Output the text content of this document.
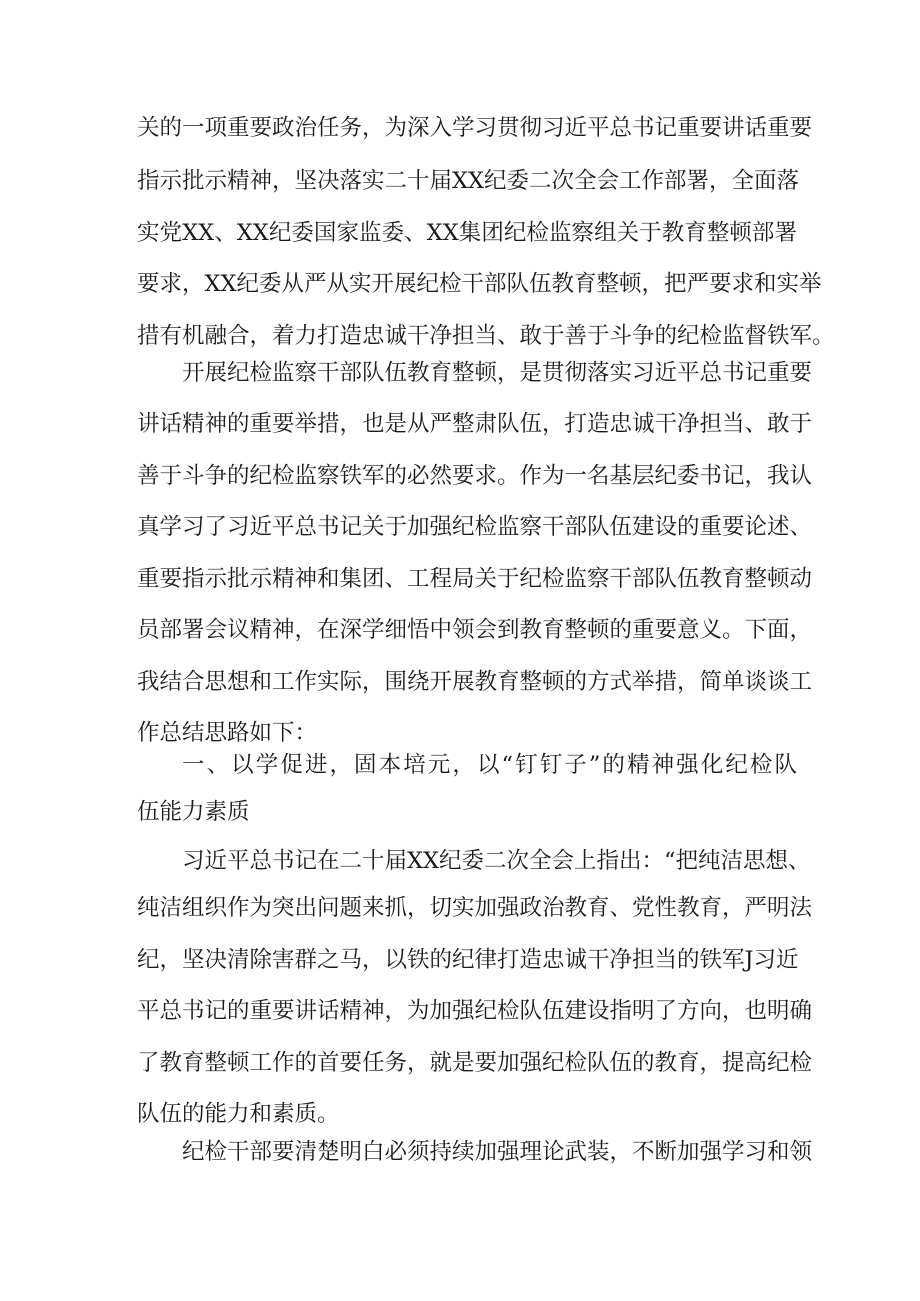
关的一项重要政治任务，为深入学习贯彻习近平总书记重要讲话重要
指示批示精神，坚决落实二十届XX纪委二次全会工作部署，全面落
实党XX、XX纪委国家监委、XX集团纪检监察组关于教育整顿部署
要求，XX纪委从严从实开展纪检干部队伍教育整顿，把严要求和实举
措有机融合，着力打造忠诚干净担当、敢于善于斗争的纪检监督铁军。
开展纪检监察干部队伍教育整顿，是贯彻落实习近平总书记重要
讲话精神的重要举措，也是从严整肃队伍，打造忠诚干净担当、敢于
善于斗争的纪检监察铁军的必然要求。作为一名基层纪委书记，我认
真学习了习近平总书记关于加强纪检监察干部队伍建设的重要论述、
重要指示批示精神和集团、工程局关于纪检监察干部队伍教育整顿动
员部署会议精神，在深学细悟中领会到教育整顿的重要意义。下面，
我结合思想和工作实际，围绕开展教育整顿的方式举措，简单谈谈工
作总结思路如下：
一、以学促进，固本培元，以“钉钉子”的精神强化纪检队
伍能力素质
习近平总书记在二十届XX纪委二次全会上指出：“把纯洁思想、
纯洁组织作为突出问题来抓，切实加强政治教育、党性教育，严明法
纪，坚决清除害群之马，以铁的纪律打造忠诚干净担当的铁军J习近
平总书记的重要讲话精神，为加强纪检队伍建设指明了方向，也明确
了教育整顿工作的首要任务，就是要加强纪检队伍的教育，提高纪检
队伍的能力和素质。
纪检干部要清楚明白必须持续加强理论武装，不断加强学习和领
